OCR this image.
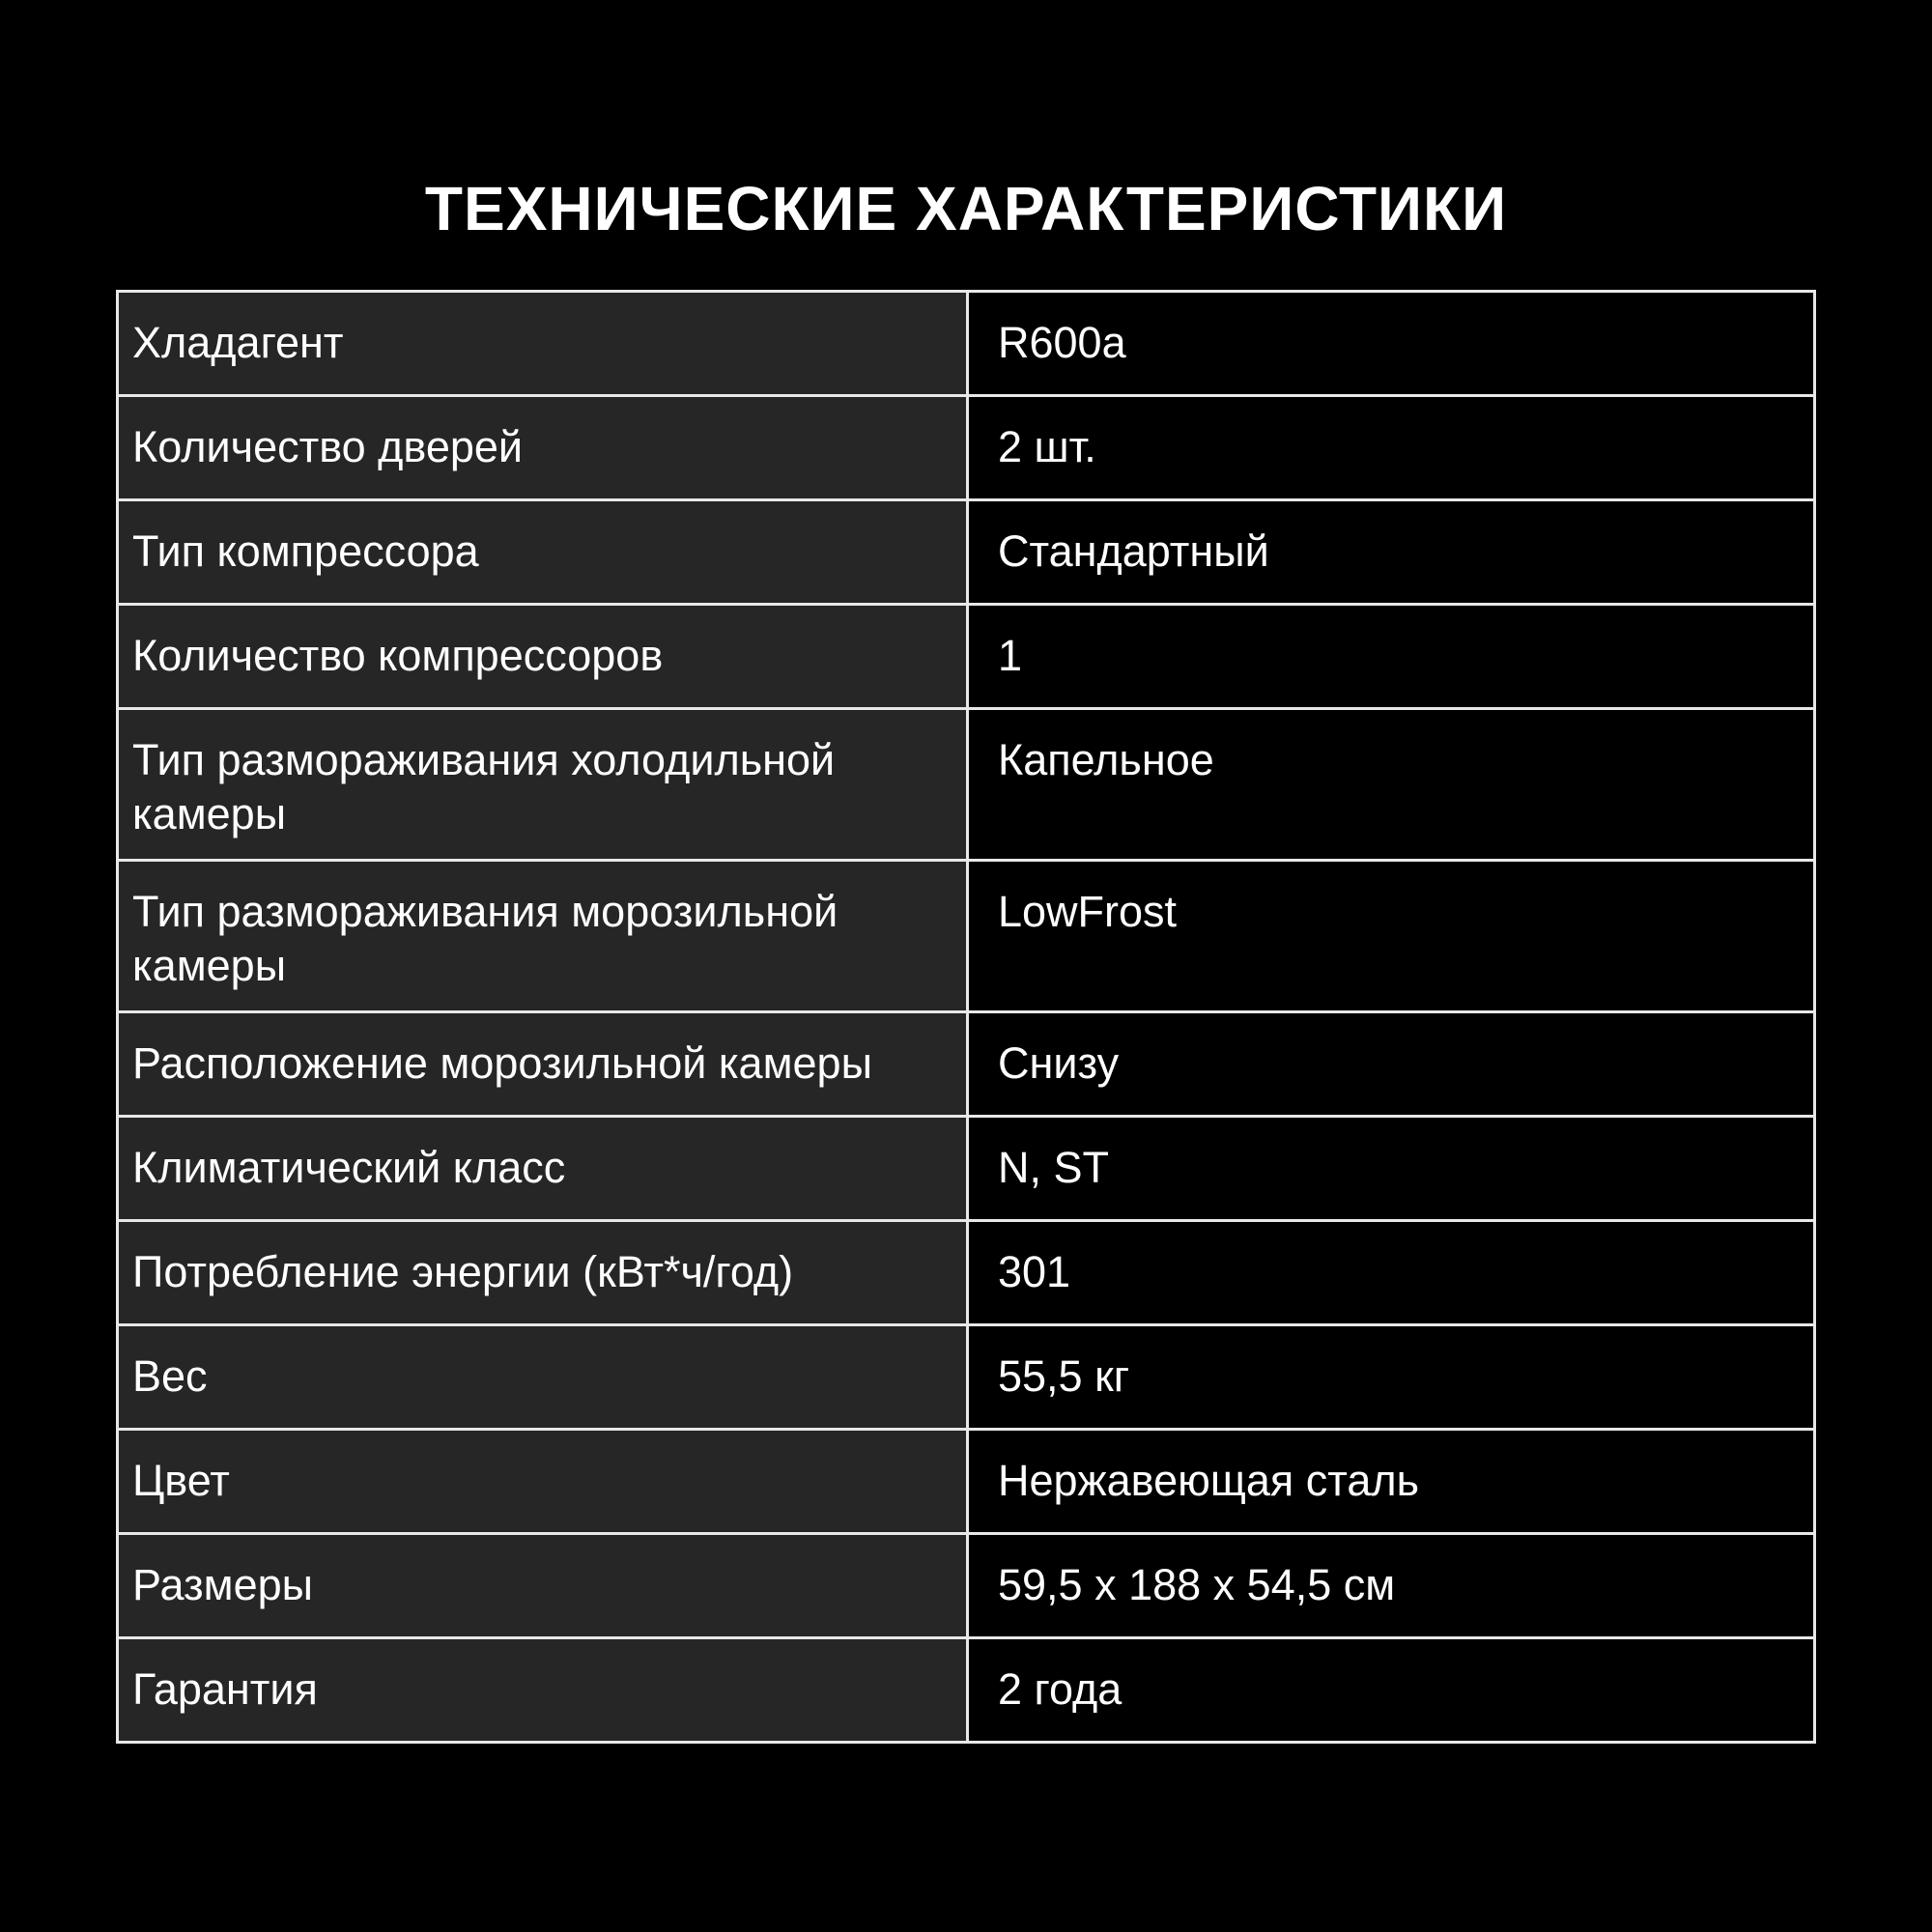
ТЕХНИЧЕСКИЕ ХАРАКТЕРИСТИКИ
Хладагент	R600a
Количество дверей	2 шт.
Тип компрессора	Стандартный
Количество компрессоров	1
Тип размораживания холодильной камеры	Капельное
Тип размораживания морозильной камеры	LowFrost
Расположение морозильной камеры	Снизу
Климатический класс	N, ST
Потребление энергии (кВт*ч/год)	301
Вес	55,5 кг
Цвет	Нержавеющая сталь
Размеры	59,5 x 188 x 54,5 см
Гарантия	2 года
